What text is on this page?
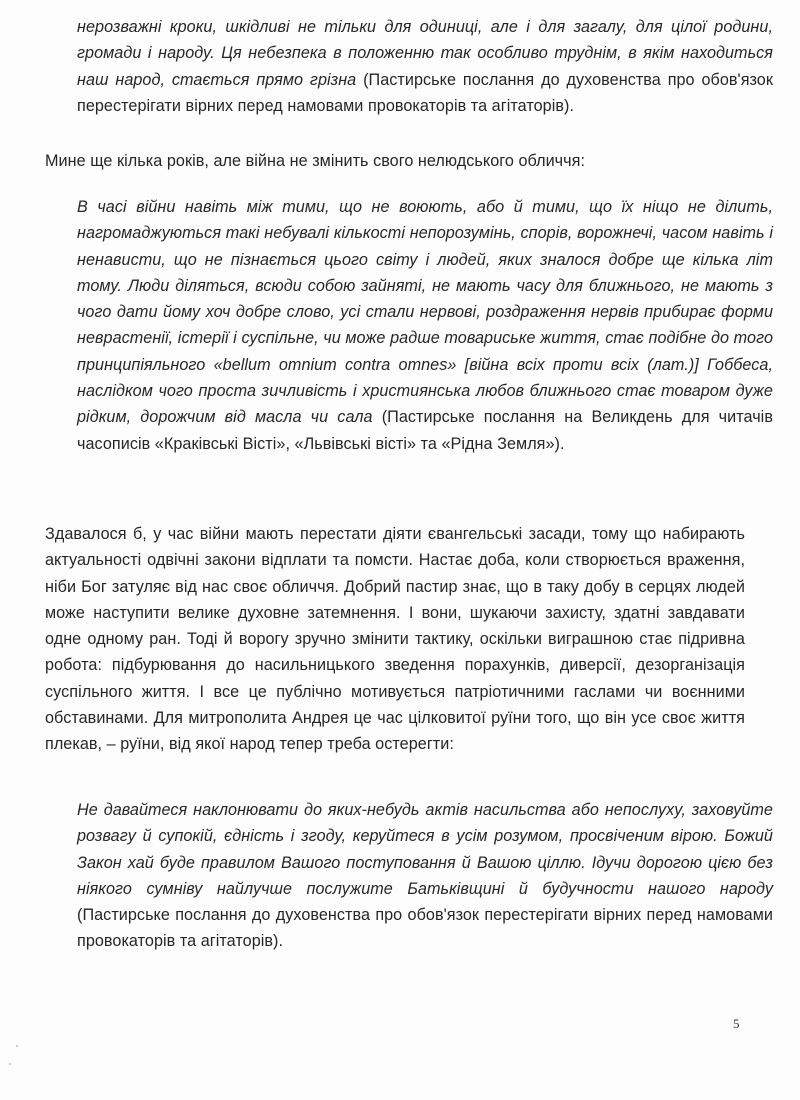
нерозважні кроки, шкідливі не тільки для одиниці, але і для загалу, для цілої родини, громади і народу. Ця небезпека в положенню так особливо труднім, в якім находиться наш народ, стається прямо грізна (Пастирське послання до духовенства про обов'язок перестерігати вірних перед намовами провокаторів та агітаторів).
Мине ще кілька років, але війна не змінить свого нелюдського обличчя:
В часі війни навіть між тими, що не воюють, або й тими, що їх ніщо не ділить, нагромаджуються такі небувалі кількості непорозумінь, спорів, ворожнечі, часом навіть і ненависти, що не пізнається цього світу і людей, яких зналося добре ще кілька літ тому. Люди діляться, всюди собою зайняті, не мають часу для ближнього, не мають з чого дати йому хоч добре слово, усі стали нервові, роздраження нервів прибирає форми неврастенії, істерії і суспільне, чи може радше товариське життя, стає подібне до того принципіяльного «bellum omnium contra omnes» [війна всіх проти всіх (лат.)] Гоббеса, наслідком чого проста зичливість і християнська любов ближнього стає товаром дуже рідким, дорожчим від масла чи сала (Пастирське послання на Великдень для читачів часописів «Краківські Вісті», «Львівські вісті» та «Рідна Земля»).
Здавалося б, у час війни мають перестати діяти євангельські засади, тому що набирають актуальності одвічні закони відплати та помсти. Настає доба, коли створюється враження, ніби Бог затуляє від нас своє обличчя. Добрий пастир знає, що в таку добу в серцях людей може наступити велике духовне затемнення. І вони, шукаючи захисту, здатні завдавати одне одному ран. Тоді й ворогу зручно змінити тактику, оскільки виграшною стає підривна робота: підбурювання до насильницького зведення порахунків, диверсії, дезорганізація суспільного життя. І все це публічно мотивується патріотичними гаслами чи воєнними обставинами. Для митрополита Андрея це час цілковитої руїни того, що він усе своє життя плекав, – руїни, від якої народ тепер треба остерегти:
Не давайтеся наклонювати до яких-небудь актів насильства або непослуху, заховуйте розвагу й супокій, єдність і згоду, керуйтеся в усім розумом, просвіченим вірою. Божий Закон хай буде правилом Вашого поступовання й Вашою ціллю. Ідучи дорогою цією без ніякого сумніву найлучше послужите Батьківщині й будучности нашого народу (Пастирське послання до духовенства про обов'язок перестерігати вірних перед намовами провокаторів та агітаторів).
5
